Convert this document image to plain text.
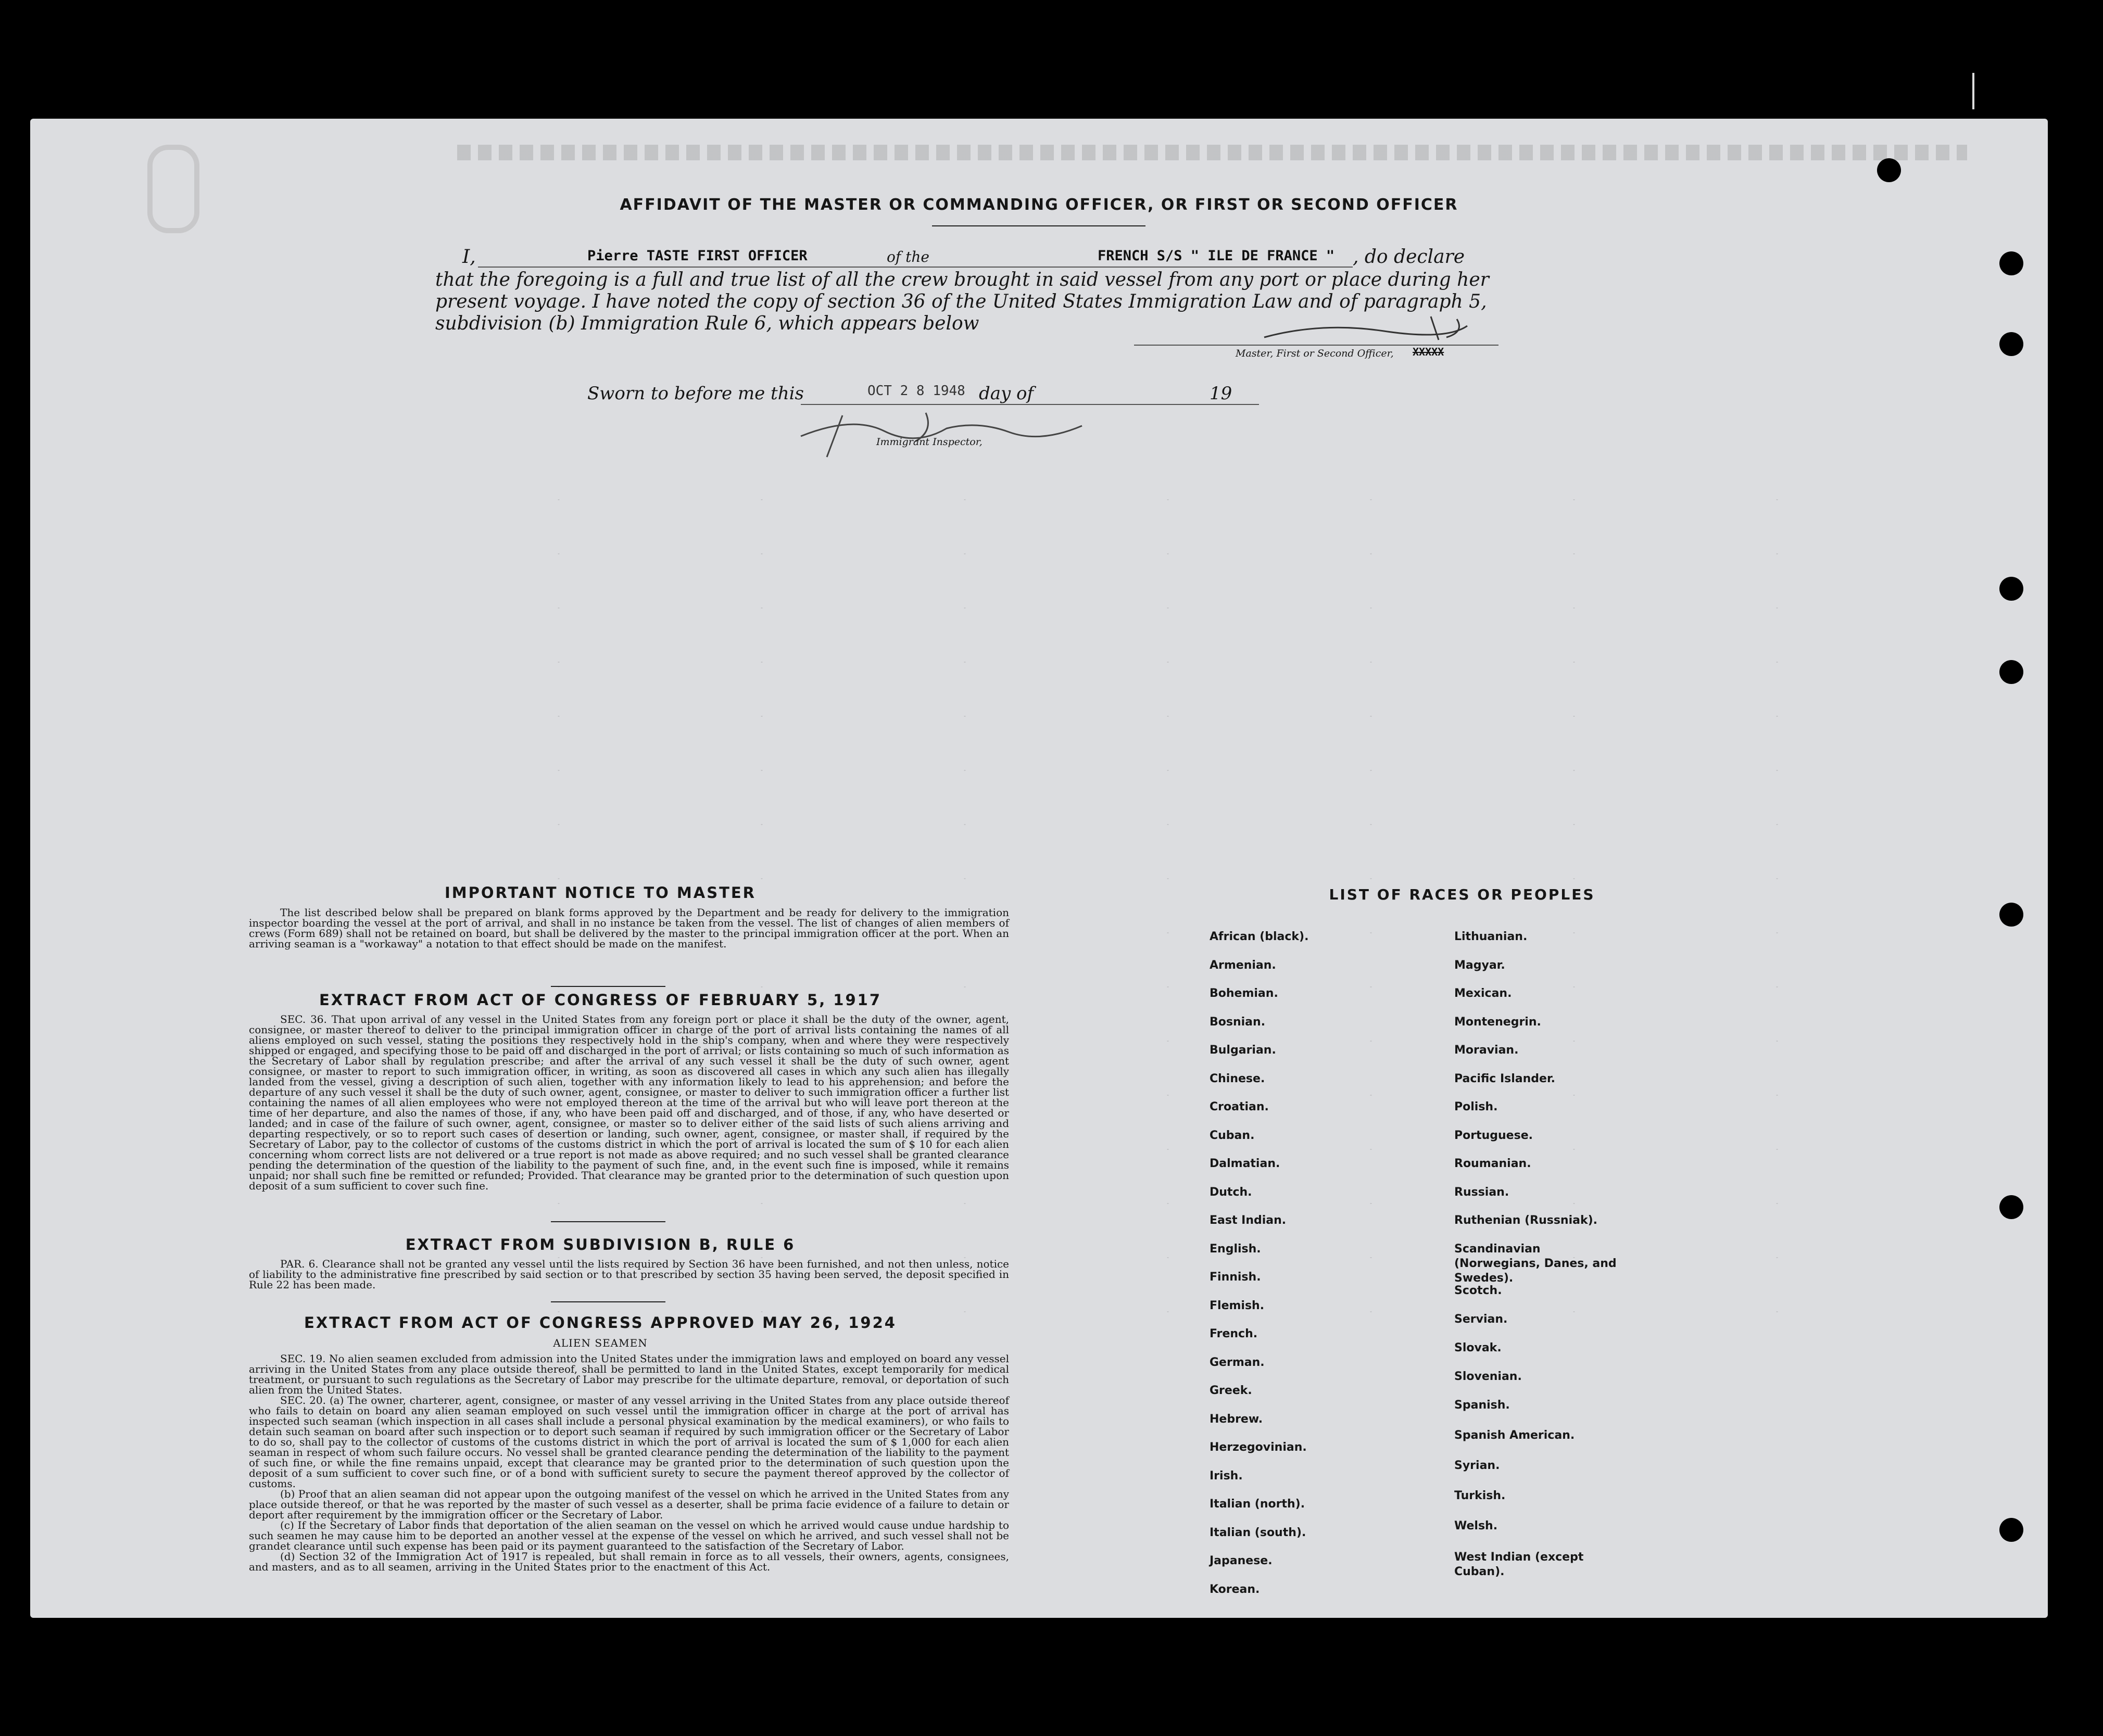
AFFIDAVIT OF THE MASTER OR COMMANDING OFFICER, OR FIRST OR SECOND OFFICER
I,	Pierre TASTE FIRST OFFICER	of the	FRENCH S/S " ILE DE FRANCE " , do declare
that the foregoing is a full and true list of all the crew brought in said vessel from any port or place during her
present voyage. I have noted the copy of section 36 of the United States Immigration Law and of paragraph 5,
subdivision (b) Immigration Rule 6, which appears below
Master, First or Second Officer, XXXXX
Sworn to before me this	OCT 2 8 1948 day of	19
Immigrant Inspector,
IMPORTANT NOTICE TO MASTER

The list described below shall be prepared on blank forms approved by the Department and be ready for delivery to the immigration inspector boarding the vessel at the port of arrival, and shall in no instance be taken from the vessel. The list of changes of alien members of crews (Form 689) shall not be retained on board, but shall be delivered by the master to the principal immigration officer at the port. When an arriving seaman is a "workaway" a notation to that effect should be made on the manifest.

EXTRACT FROM ACT OF CONGRESS OF FEBRUARY 5, 1917

SEC. 36. That upon arrival of any vessel in the United States from any foreign port or place it shall be the duty of the owner, agent, consignee, or master thereof to deliver to the principal immigration officer in charge of the port of arrival lists containing the names of all aliens employed on such vessel, stating the positions they respectively hold in the ship's company, when and where they were respectively shipped or engaged, and specifying those to be paid off and discharged in the port of arrival; or lists containing so much of such information as the Secretary of Labor shall by regulation prescribe; and after the arrival of any such vessel it shall be the duty of such owner, agent consignee, or master to report to such immigration officer, in writing, as soon as discovered all cases in which any such alien has illegally landed from the vessel, giving a description of such alien, together with any information likely to lead to his apprehension; and before the departure of any such vessel it shall be the duty of such owner, agent, consignee, or master to deliver to such immigration officer a further list containing the names of all alien employees who were not employed thereon at the time of the arrival but who will leave port thereon at the time of her departure, and also the names of those, if any, who have been paid off and discharged, and of those, if any, who have deserted or landed; and in case of the failure of such owner, agent, consignee, or master so to deliver either of the said lists of such aliens arriving and departing respectively, or so to report such cases of desertion or landing, such owner, agent, consignee, or master shall, if required by the Secretary of Labor, pay to the collector of customs of the customs district in which the port of arrival is located the sum of $ 10 for each alien concerning whom correct lists are not delivered or a true report is not made as above required; and no such vessel shall be granted clearance pending the determination of the question of the liability to the payment of such fine, and, in the event such fine is imposed, while it remains unpaid; nor shall such fine be remitted or refunded; Provided. That clearance may be granted prior to the determination of such question upon deposit of a sum sufficient to cover such fine.

EXTRACT FROM SUBDIVISION B, RULE 6

PAR. 6. Clearance shall not be granted any vessel until the lists required by Section 36 have been furnished, and not then unless, notice of liability to the administrative fine prescribed by said section or to that prescribed by section 35 having been served, the deposit specified in Rule 22 has been made.

EXTRACT FROM ACT OF CONGRESS APPROVED MAY 26, 1924
ALIEN SEAMEN

SEC. 19. No alien seamen excluded from admission into the United States under the immigration laws and employed on board any vessel arriving in the United States from any place outside thereof, shall be permitted to land in the United States, except temporarily for medical treatment, or pursuant to such regulations as the Secretary of Labor may prescribe for the ultimate departure, removal, or deportation of such alien from the United States.

SEC. 20. (a) The owner, charterer, agent, consignee, or master of any vessel arriving in the United States from any place outside thereof who fails to detain on board any alien seaman employed on such vessel until the immigration officer in charge at the port of arrival has inspected such seaman (which inspection in all cases shall include a personal physical examination by the medical examiners), or who fails to detain such seaman on board after such inspection or to deport such seaman if required by such immigration officer or the Secretary of Labor to do so, shall pay to the collector of customs of the customs district in which the port of arrival is located the sum of $ 1,000 for each alien seaman in respect of whom such failure occurs. No vessel shall be granted clearance pending the determination of the liability to the payment of such fine, or while the fine remains unpaid, except that clearance may be granted prior to the determination of such question upon the deposit of a sum sufficient to cover such fine, or of a bond with sufficient surety to secure the payment thereof approved by the collector of customs.

(b) Proof that an alien seaman did not appear upon the outgoing manifest of the vessel on which he arrived in the United States from any place outside thereof, or that he was reported by the master of such vessel as a deserter, shall be prima facie evidence of a failure to detain or deport after requirement by the immigration officer or the Secretary of Labor.

(c) If the Secretary of Labor finds that deportation of the alien seaman on the vessel on which he arrived would cause undue hardship to such seamen he may cause him to be deported an another vessel at the expense of the vessel on which he arrived, and such vessel shall not be grandet clearance until such expense has been paid or its payment guaranteed to the satisfaction of the Secretary of Labor.

(d) Section 32 of the Immigration Act of 1917 is repealed, but shall remain in force as to all vessels, their owners, agents, consignees, and masters, and as to all seamen, arriving in the United States prior to the enactment of this Act.

LIST OF RACES OR PEOPLES
African (black).
Armenian.
Bohemian.
Bosnian.
Bulgarian.
Chinese.
Croatian.
Cuban.
Dalmatian.
Dutch.
East Indian.
English.
Finnish.
Flemish.
French.
German.
Greek.
Hebrew.
Herzegovinian.
Irish.
Italian (north).
Italian (south).
Japanese.
Korean.
Lithuanian.
Magyar.
Mexican.
Montenegrin.
Moravian.
Pacific Islander.
Polish.
Portuguese.
Roumanian.
Russian.
Ruthenian (Russniak).
Scandinavian (Norwegians, Danes, and Swedes).
Scotch.
Servian.
Slovak.
Slovenian.
Spanish.
Spanish American.
Syrian.
Turkish.
Welsh.
West Indian (except Cuban).
